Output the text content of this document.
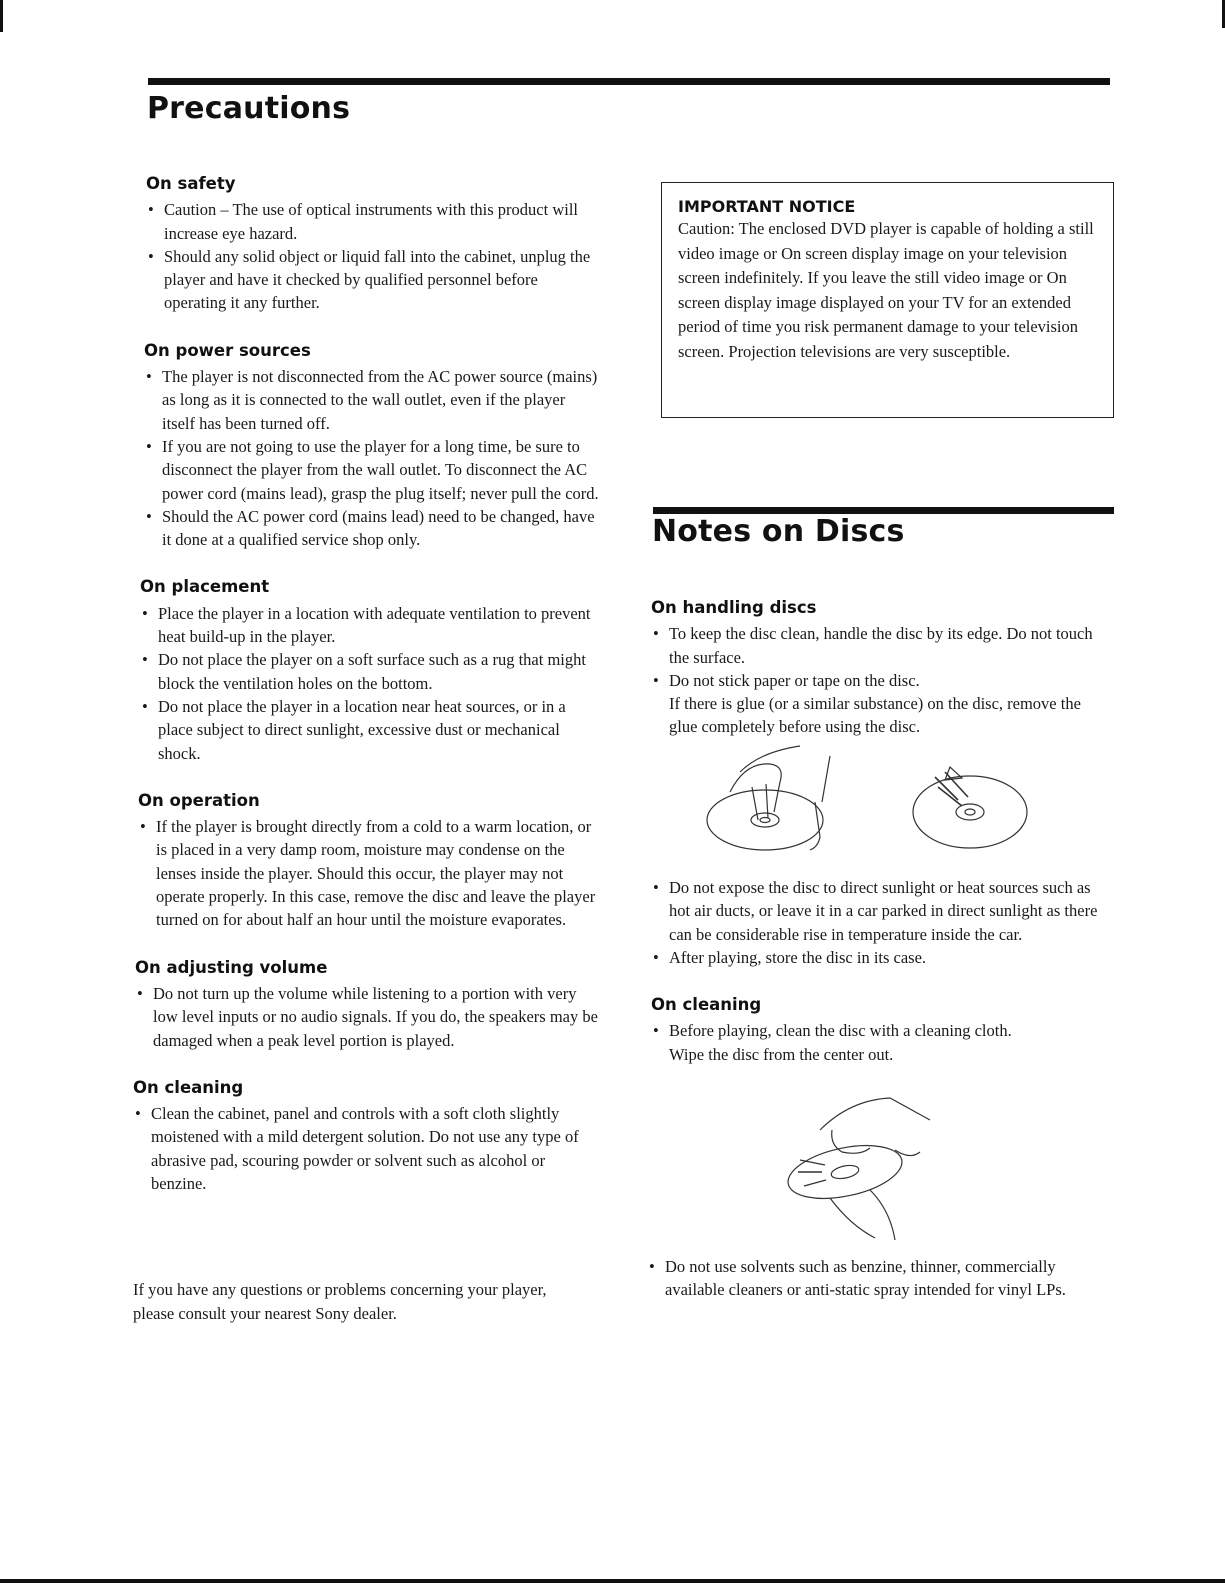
Precautions
On safety
• Caution – The use of optical instruments with this product will increase eye hazard.
• Should any solid object or liquid fall into the cabinet, unplug the player and have it checked by qualified personnel before operating it any further.
On power sources
• The player is not disconnected from the AC power source (mains) as long as it is connected to the wall outlet, even if the player itself has been turned off.
• If you are not going to use the player for a long time, be sure to disconnect the player from the wall outlet. To disconnect the AC power cord (mains lead), grasp the plug itself; never pull the cord.
• Should the AC power cord (mains lead) need to be changed, have it done at a qualified service shop only.
On placement
• Place the player in a location with adequate ventilation to prevent heat build-up in the player.
• Do not place the player on a soft surface such as a rug that might block the ventilation holes on the bottom.
• Do not place the player in a location near heat sources, or in a place subject to direct sunlight, excessive dust or mechanical shock.
On operation
• If the player is brought directly from a cold to a warm location, or is placed in a very damp room, moisture may condense on the lenses inside the player. Should this occur, the player may not operate properly. In this case, remove the disc and leave the player turned on for about half an hour until the moisture evaporates.
On adjusting volume
• Do not turn up the volume while listening to a portion with very low level inputs or no audio signals. If you do, the speakers may be damaged when a peak level portion is played.
On cleaning
• Clean the cabinet, panel and controls with a soft cloth slightly moistened with a mild detergent solution. Do not use any type of abrasive pad, scouring powder or solvent such as alcohol or benzine.

If you have any questions or problems concerning your player, please consult your nearest Sony dealer.

IMPORTANT NOTICE

Caution: The enclosed DVD player is capable of holding a still video image or On screen display image on your television screen indefinitely. If you leave the still video image or On screen display image displayed on your TV for an extended period of time you risk permanent damage to your television screen. Projection televisions are very susceptible.

Notes on Discs
On handling discs
• To keep the disc clean, handle the disc by its edge. Do not touch the surface.
• Do not stick paper or tape on the disc.
If there is glue (or a similar substance) on the disc, remove the glue completely before using the disc.
• Do not expose the disc to direct sunlight or heat sources such as hot air ducts, or leave it in a car parked in direct sunlight as there can be considerable rise in temperature inside the car.
• After playing, store the disc in its case.
On cleaning
• Before playing, clean the disc with a cleaning cloth.
Wipe the disc from the center out.
• Do not use solvents such as benzine, thinner, commercially available cleaners or anti-static spray intended for vinyl LPs.
